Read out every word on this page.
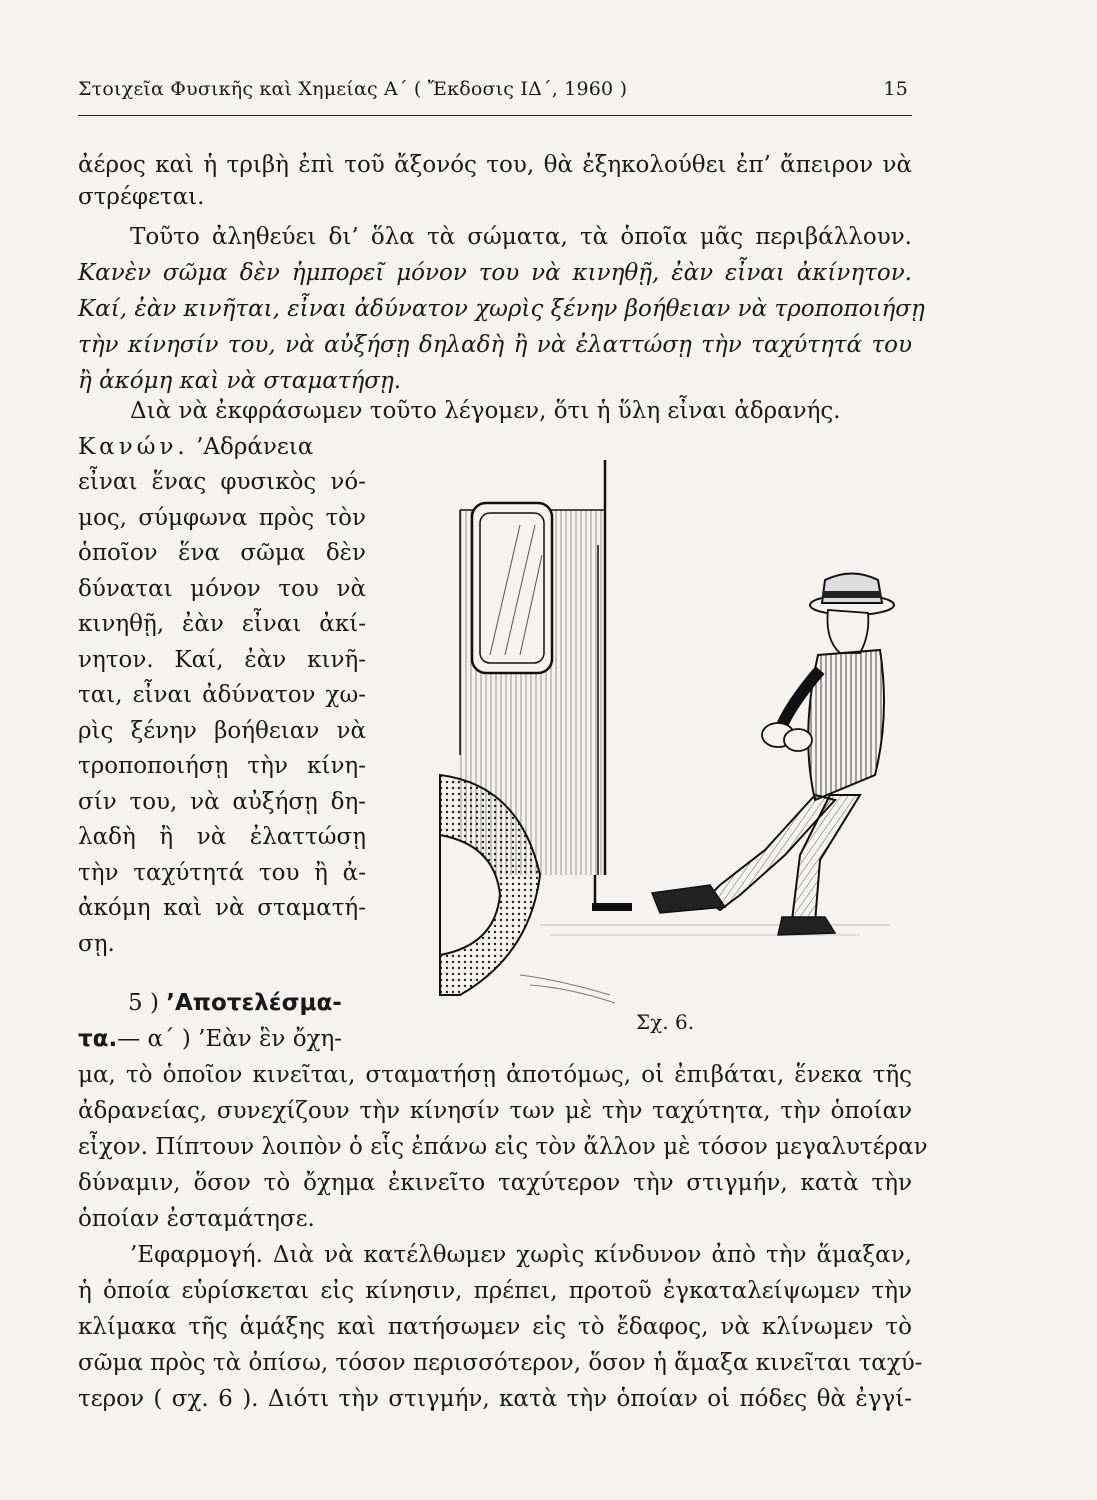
Στοιχεῖα Φυσικῆς καὶ Χημείας Α΄ ( Ἔκδοσις ΙΔ΄, 1960 )	15
ἀέρος καὶ ἡ τριβὴ ἐπὶ τοῦ ἄξονός του, θὰ ἐξηκολούθει ἐπ’ ἄπειρον νὰ
στρέφεται.
Τοῦτο ἀληθεύει δι’ ὅλα τὰ σώματα, τὰ ὁποῖα μᾶς περιβάλλουν.
Κανὲν σῶμα δὲν ἠμπορεῖ μόνον του νὰ κινηθῇ, ἐὰν εἶναι ἀκίνητον.
Καί, ἐὰν κινῆται, εἶναι ἀδύνατον χωρὶς ξένην βοήθειαν νὰ τροποποιήσῃ
τὴν κίνησίν του, νὰ αὐξήσῃ δηλαδὴ ἢ νὰ ἐλαττώσῃ τὴν ταχύτητά του
ἢ ἀκόμη καὶ νὰ σταματήσῃ.
Διὰ νὰ ἐκφράσωμεν τοῦτο λέγομεν, ὅτι ἡ ὕλη εἶναι ἀδρανής.
Κανών. ’Αδράνεια
εἶναι ἕνας φυσικὸς νό-
μος, σύμφωνα πρὸς τὸν
ὁποῖον ἕνα σῶμα δὲν
δύναται μόνον του νὰ
κινηθῇ, ἐὰν εἶναι ἀκί-
νητον. Καί, ἐὰν κινῆ-
ται, εἶναι ἀδύνατον χω-
ρὶς ξένην βοήθειαν νὰ
τροποποιήσῃ τὴν κίνη-
σίν του, νὰ αὐξήσῃ δη-
λαδὴ ἢ νὰ ἐλαττώσῃ
τὴν ταχύτητά του ἢ ἀ-
ἀκόμη καὶ νὰ σταματή-
σῃ.
5 ) ’Αποτελέσμα-
τα.— α΄ ) ’Εὰν ἓν ὄχη-
μα, τὸ ὁποῖον κινεῖται, σταματήσῃ ἀποτόμως, οἱ ἐπιβάται, ἕνεκα τῆς
ἀδρανείας, συνεχίζουν τὴν κίνησίν των μὲ τὴν ταχύτητα, τὴν ὁποίαν
εἶχον. Πίπτουν λοιπὸν ὁ εἷς ἐπάνω εἰς τὸν ἄλλον μὲ τόσον μεγαλυτέραν
δύναμιν, ὅσον τὸ ὄχημα ἐκινεῖτο ταχύτερον τὴν στιγμήν, κατὰ τὴν
ὁποίαν ἐσταμάτησε.
’Εφαρμογή. Διὰ νὰ κατέλθωμεν χωρὶς κίνδυνον ἀπὸ τὴν ἅμαξαν,
ἡ ὁποία εὑρίσκεται εἰς κίνησιν, πρέπει, προτοῦ ἐγκαταλείψωμεν τὴν
κλίμακα τῆς ἁμάξης καὶ πατήσωμεν εἰς τὸ ἔδαφος, νὰ κλίνωμεν τὸ
σῶμα πρὸς τὰ ὀπίσω, τόσον περισσότερον, ὅσον ἡ ἅμαξα κινεῖται ταχύ-
τερον ( σχ. 6 ). Διότι τὴν στιγμήν, κατὰ τὴν ὁποίαν οἱ πόδες θὰ ἐγγί-
Σχ. 6.
